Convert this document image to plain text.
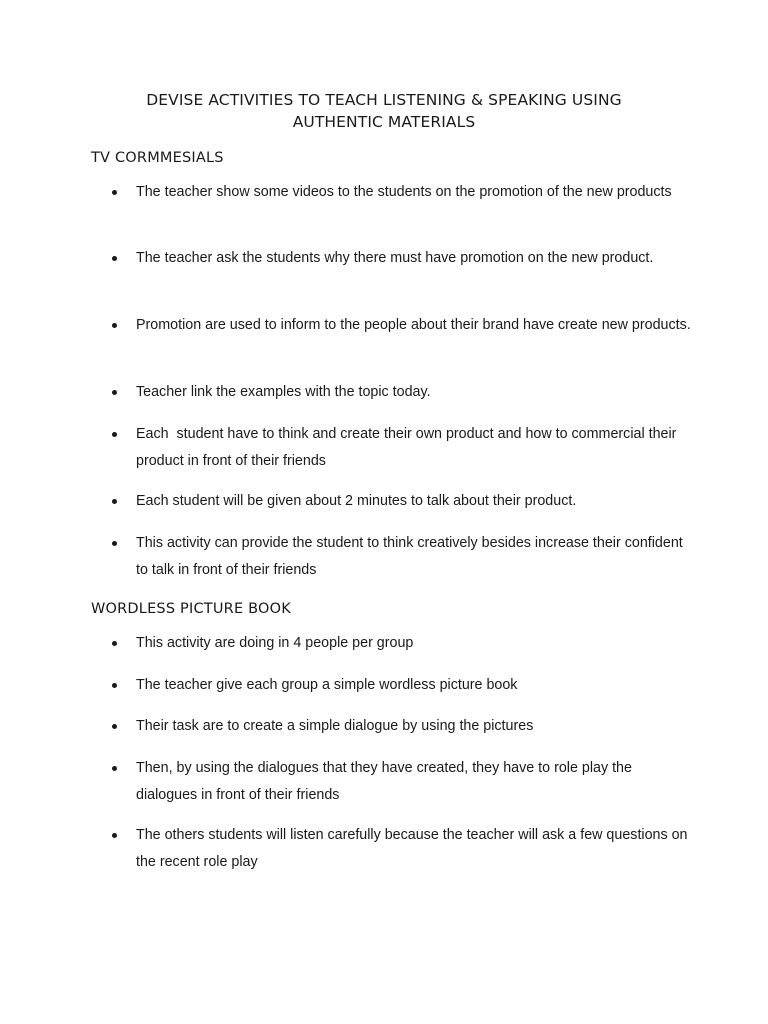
DEVISE ACTIVITIES TO TEACH LISTENING & SPEAKING USING
AUTHENTIC MATERIALS
TV CORMMESIALS
The teacher show some videos to the students on the promotion of the new products
The teacher ask the students why there must have promotion on the new product.
Promotion are used to inform to the people about their brand have create new products.
Teacher link the examples with the topic today.
Each  student have to think and create their own product and how to commercial their product in front of their friends
Each student will be given about 2 minutes to talk about their product.
This activity can provide the student to think creatively besides increase their confident to talk in front of their friends
WORDLESS PICTURE BOOK
This activity are doing in 4 people per group
The teacher give each group a simple wordless picture book
Their task are to create a simple dialogue by using the pictures
Then, by using the dialogues that they have created, they have to role play the dialogues in front of their friends
The others students will listen carefully because the teacher will ask a few questions on the recent role play
